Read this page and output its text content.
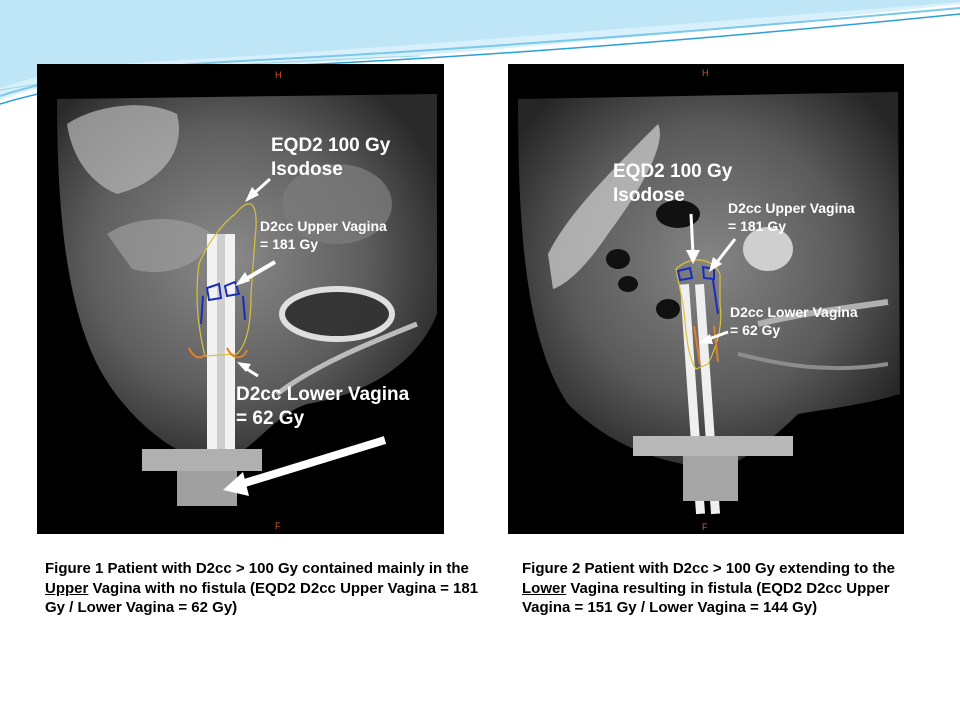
H
F
EQD2 100 Gy
Isodose
D2cc Upper Vagina
= 181 Gy
D2cc Lower Vagina
= 62 Gy
H
F
EQD2 100 Gy
Isodose
D2cc Upper Vagina
= 181 Gy
D2cc Lower Vagina
= 62 Gy
Figure 1 Patient with D2cc > 100 Gy contained mainly in the Upper Vagina with no fistula (EQD2 D2cc Upper Vagina = 181 Gy / Lower Vagina = 62 Gy)
Figure 2 Patient with D2cc > 100 Gy extending to the Lower Vagina resulting in fistula (EQD2 D2cc Upper Vagina = 151 Gy / Lower Vagina = 144 Gy)
